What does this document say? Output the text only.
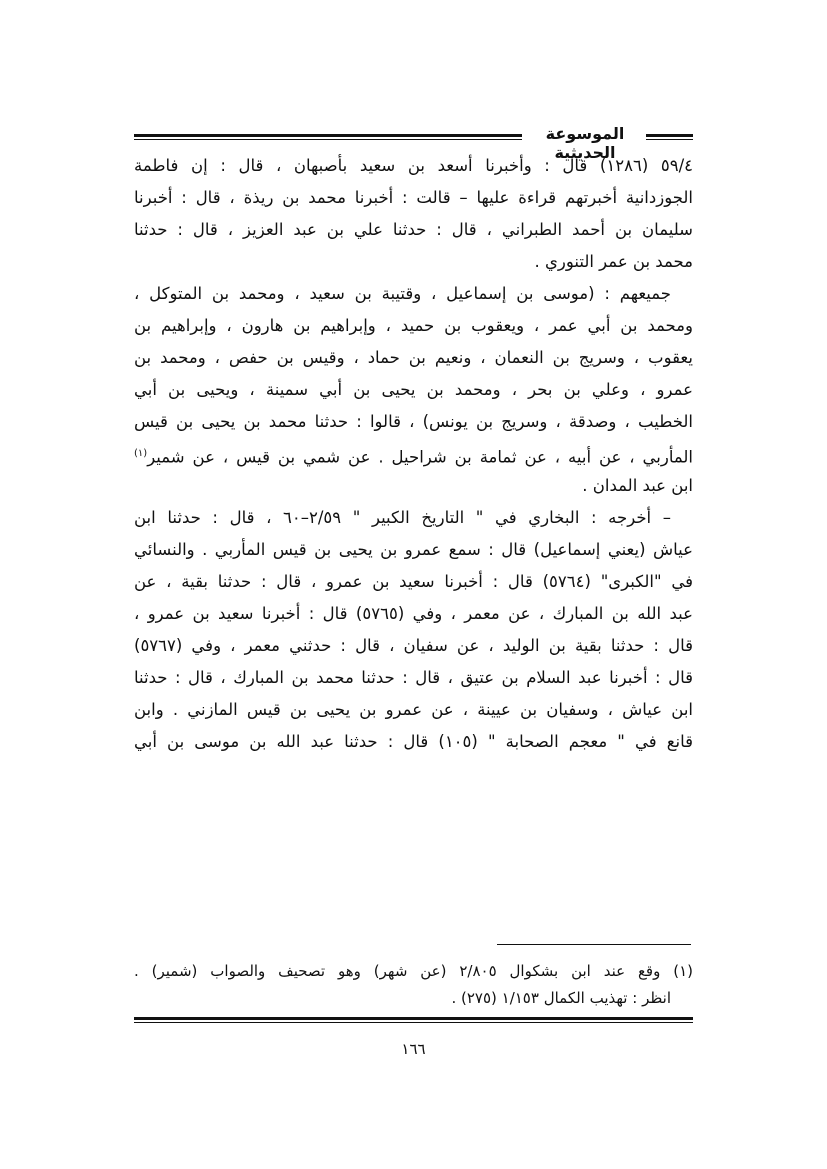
الموسوعة الحديثية
٥٩/٤ (١٢٨٦) قال : وأخبرنا أسعد بن سعيد بأصبهان ، قال : إن فاطمة
الجوزدانية أخبرتهم قراءة عليها – قالت : أخبرنا محمد بن ريذة ، قال : أخبرنا
سليمان بن أحمد الطبراني ، قال : حدثنا علي بن عبد العزيز ، قال : حدثنا
محمد بن عمر التنوري .
جميعهم : (موسى بن إسماعيل ، وقتيبة بن سعيد ، ومحمد بن المتوكل ،
ومحمد بن أبي عمر ، ويعقوب بن حميد ، وإبراهيم بن هارون ، وإبراهيم بن
يعقوب ، وسريج بن النعمان ، ونعيم بن حماد ، وقيس بن حفص ، ومحمد بن
عمرو ، وعلي بن بحر ، ومحمد بن يحيى بن أبي سمينة ، ويحيى بن أبي
الخطيب ، وصدقة ، وسريج بن يونس) ، قالوا : حدثنا محمد بن يحيى بن قيس
المأربي ، عن أبيه ، عن ثمامة بن شراحيل . عن شمي بن قيس ، عن شمير$^{(١)}$
ابن عبد المدان .
– أخرجه : البخاري في " التاريخ الكبير " ٢/٥٩–٦٠ ، قال : حدثنا ابن
عياش (يعني إسماعيل) قال : سمع عمرو بن يحيى بن قيس المأربي . والنسائي
في "الكبرى" (٥٧٦٤) قال : أخبرنا سعيد بن عمرو ، قال : حدثنا بقية ، عن
عبد الله بن المبارك ، عن معمر ، وفي (٥٧٦٥) قال : أخبرنا سعيد بن عمرو ،
قال : حدثنا بقية بن الوليد ، عن سفيان ، قال : حدثني معمر ، وفي (٥٧٦٧)
قال : أخبرنا عبد السلام بن عتيق ، قال : حدثنا محمد بن المبارك ، قال : حدثنا
ابن عياش ، وسفيان بن عيينة ، عن عمرو بن يحيى بن قيس المازني . وابن
قانع في " معجم الصحابة " (١٠٥) قال : حدثنا عبد الله بن موسى بن أبي
(١) وقع عند ابن بشكوال ٢/٨٠٥ (عن شهر) وهو تصحيف والصواب (شمير) .
انظر : تهذيب الكمال ١/١٥٣ (٢٧٥) .
١٦٦
